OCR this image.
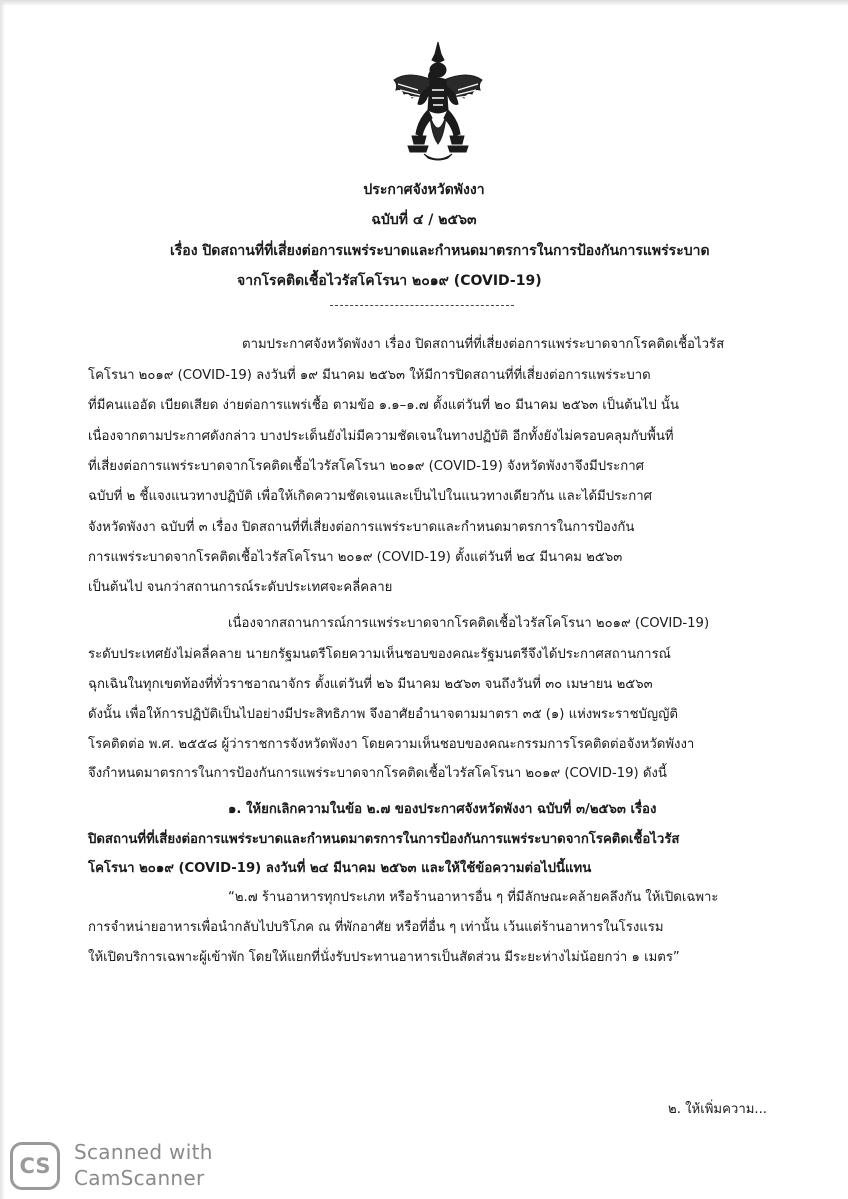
ประกาศจังหวัดพังงา
ฉบับที่ ๔ / ๒๕๖๓
เรื่อง ปิดสถานที่ที่เสี่ยงต่อการแพร่ระบาดและกำหนดมาตรการในการป้องกันการแพร่ระบาด
จากโรคติดเชื้อไวรัสโคโรนา ๒๐๑๙ (COVID-19)
ตามประกาศจังหวัดพังงา เรื่อง ปิดสถานที่ที่เสี่ยงต่อการแพร่ระบาดจากโรคติดเชื้อไวรัส
โคโรนา ๒๐๑๙ (COVID-19) ลงวันที่ ๑๙ มีนาคม ๒๕๖๓ ให้มีการปิดสถานที่ที่เสี่ยงต่อการแพร่ระบาด
ที่มีคนแออัด เบียดเสียด ง่ายต่อการแพร่เชื้อ ตามข้อ ๑.๑–๑.๗ ตั้งแต่วันที่ ๒๐ มีนาคม ๒๕๖๓ เป็นต้นไป นั้น
เนื่องจากตามประกาศดังกล่าว บางประเด็นยังไม่มีความชัดเจนในทางปฏิบัติ อีกทั้งยังไม่ครอบคลุมกับพื้นที่
ที่เสี่ยงต่อการแพร่ระบาดจากโรคติดเชื้อไวรัสโคโรนา ๒๐๑๙ (COVID-19) จังหวัดพังงาจึงมีประกาศ
ฉบับที่ ๒ ชี้แจงแนวทางปฏิบัติ เพื่อให้เกิดความชัดเจนและเป็นไปในแนวทางเดียวกัน และได้มีประกาศ
จังหวัดพังงา ฉบับที่ ๓ เรื่อง ปิดสถานที่ที่เสี่ยงต่อการแพร่ระบาดและกำหนดมาตรการในการป้องกัน
การแพร่ระบาดจากโรคติดเชื้อไวรัสโคโรนา ๒๐๑๙ (COVID-19) ตั้งแต่วันที่ ๒๔ มีนาคม ๒๕๖๓
เป็นต้นไป จนกว่าสถานการณ์ระดับประเทศจะคลี่คลาย
เนื่องจากสถานการณ์การแพร่ระบาดจากโรคติดเชื้อไวรัสโคโรนา ๒๐๑๙ (COVID-19)
ระดับประเทศยังไม่คลี่คลาย นายกรัฐมนตรีโดยความเห็นชอบของคณะรัฐมนตรีจึงได้ประกาศสถานการณ์
ฉุกเฉินในทุกเขตท้องที่ทั่วราชอาณาจักร ตั้งแต่วันที่ ๒๖ มีนาคม ๒๕๖๓ จนถึงวันที่ ๓๐ เมษายน ๒๕๖๓
ดังนั้น เพื่อให้การปฏิบัติเป็นไปอย่างมีประสิทธิภาพ จึงอาศัยอำนาจตามมาตรา ๓๕ (๑) แห่งพระราชบัญญัติ
โรคติดต่อ พ.ศ. ๒๕๕๘ ผู้ว่าราชการจังหวัดพังงา โดยความเห็นชอบของคณะกรรมการโรคติดต่อจังหวัดพังงา
จึงกำหนดมาตรการในการป้องกันการแพร่ระบาดจากโรคติดเชื้อไวรัสโคโรนา ๒๐๑๙ (COVID-19) ดังนี้
๑. ให้ยกเลิกความในข้อ ๒.๗ ของประกาศจังหวัดพังงา ฉบับที่ ๓/๒๕๖๓ เรื่อง
ปิดสถานที่ที่เสี่ยงต่อการแพร่ระบาดและกำหนดมาตรการในการป้องกันการแพร่ระบาดจากโรคติดเชื้อไวรัส
โคโรนา ๒๐๑๙ (COVID-19) ลงวันที่ ๒๔ มีนาคม ๒๕๖๓ และให้ใช้ข้อความต่อไปนี้แทน
“๒.๗ ร้านอาหารทุกประเภท หรือร้านอาหารอื่น ๆ ที่มีลักษณะคล้ายคลึงกัน ให้เปิดเฉพาะ
การจำหน่ายอาหารเพื่อนำกลับไปบริโภค ณ ที่พักอาศัย หรือที่อื่น ๆ เท่านั้น เว้นแต่ร้านอาหารในโรงแรม
ให้เปิดบริการเฉพาะผู้เข้าพัก โดยให้แยกที่นั่งรับประทานอาหารเป็นสัดส่วน มีระยะห่างไม่น้อยกว่า ๑ เมตร”
๒. ให้เพิ่มความ...
CS
Scanned with
CamScanner
